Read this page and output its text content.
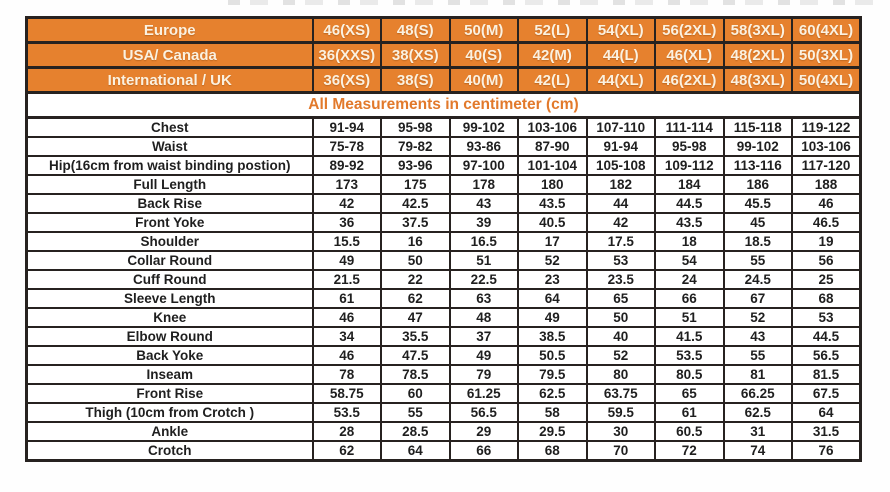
Europe	46(XS)	48(S)	50(M)	52(L)	54(XL)	56(2XL)	58(3XL)	60(4XL)
USA/ Canada	36(XXS)	38(XS)	40(S)	42(M)	44(L)	46(XL)	48(2XL)	50(3XL)
International / UK	36(XS)	38(S)	40(M)	42(L)	44(XL)	46(2XL)	48(3XL)	50(4XL)
All Measurements in centimeter (cm)								
Chest	91-94	95-98	99-102	103-106	107-110	111-114	115-118	119-122
Waist	75-78	79-82	93-86	87-90	91-94	95-98	99-102	103-106
Hip(16cm from waist binding postion)	89-92	93-96	97-100	101-104	105-108	109-112	113-116	117-120
Full Length	173	175	178	180	182	184	186	188
Back Rise	42	42.5	43	43.5	44	44.5	45.5	46
Front Yoke	36	37.5	39	40.5	42	43.5	45	46.5
Shoulder	15.5	16	16.5	17	17.5	18	18.5	19
Collar Round	49	50	51	52	53	54	55	56
Cuff Round	21.5	22	22.5	23	23.5	24	24.5	25
Sleeve Length	61	62	63	64	65	66	67	68
Knee	46	47	48	49	50	51	52	53
Elbow Round	34	35.5	37	38.5	40	41.5	43	44.5
Back Yoke	46	47.5	49	50.5	52	53.5	55	56.5
Inseam	78	78.5	79	79.5	80	80.5	81	81.5
Front Rise	58.75	60	61.25	62.5	63.75	65	66.25	67.5
Thigh (10cm from Crotch )	53.5	55	56.5	58	59.5	61	62.5	64
Ankle	28	28.5	29	29.5	30	60.5	31	31.5
Crotch	62	64	66	68	70	72	74	76
